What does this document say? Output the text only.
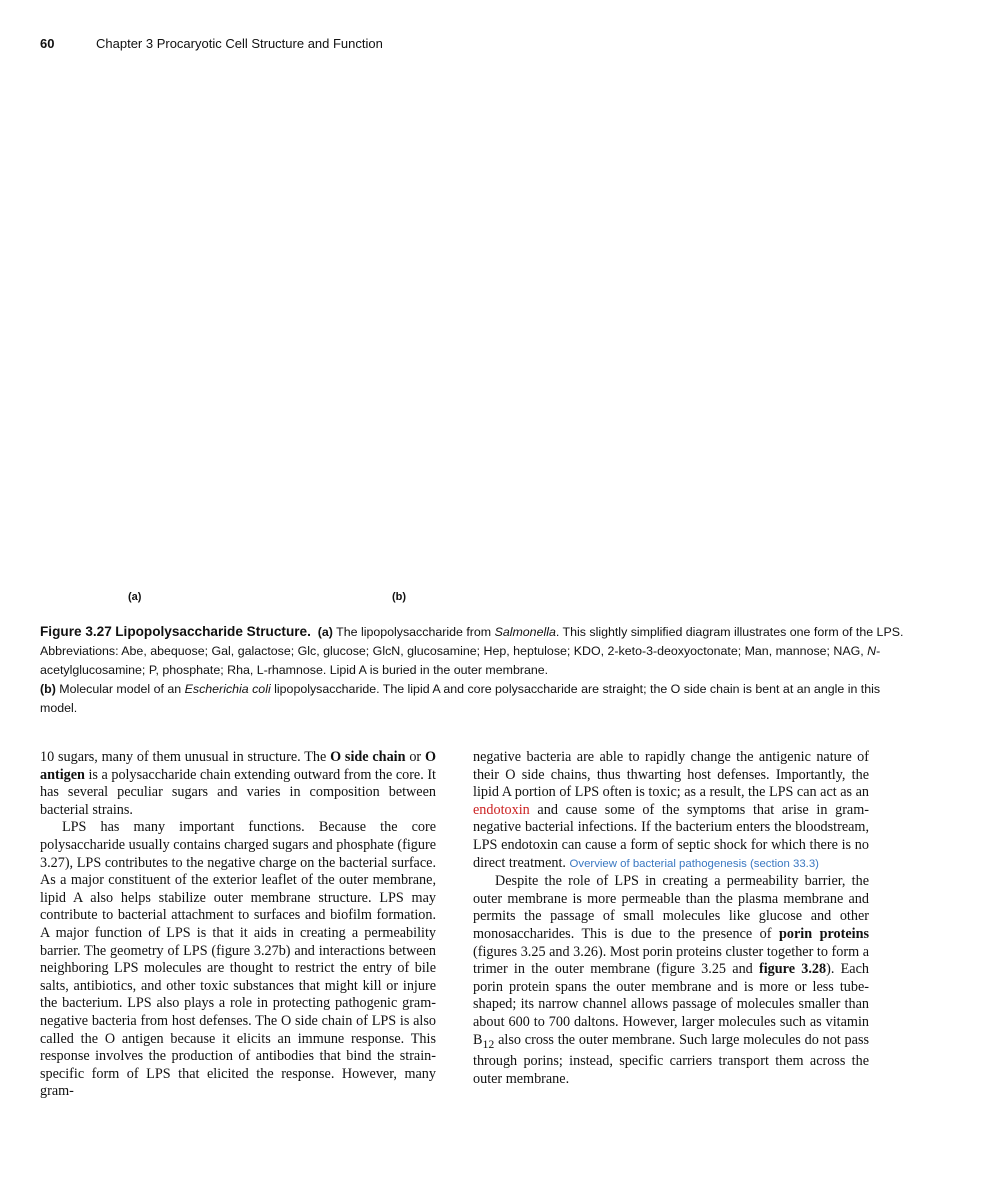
60	Chapter 3 Procaryotic Cell Structure and Function
(a)	(b)
Figure 3.27 Lipopolysaccharide Structure. (a) The lipopolysaccharide from Salmonella. This slightly simplified diagram illustrates one form of the LPS. Abbreviations: Abe, abequose; Gal, galactose; Glc, glucose; GlcN, glucosamine; Hep, heptulose; KDO, 2-keto-3-deoxyoctonate; Man, mannose; NAG, N-acetylglucosamine; P, phosphate; Rha, L-rhamnose. Lipid A is buried in the outer membrane.
(b) Molecular model of an Escherichia coli lipopolysaccharide. The lipid A and core polysaccharide are straight; the O side chain is bent at an angle in this model.

10 sugars, many of them unusual in structure. The O side chain or O antigen is a polysaccharide chain extending outward from the core. It has several peculiar sugars and varies in composition between bacterial strains.

LPS has many important functions. Because the core polysaccharide usually contains charged sugars and phosphate (figure 3.27), LPS contributes to the negative charge on the bacterial surface. As a major constituent of the exterior leaflet of the outer membrane, lipid A also helps stabilize outer membrane structure. LPS may contribute to bacterial attachment to surfaces and biofilm formation. A major function of LPS is that it aids in creating a permeability barrier. The geometry of LPS (figure 3.27b) and interactions between neighboring LPS molecules are thought to restrict the entry of bile salts, antibiotics, and other toxic substances that might kill or injure the bacterium. LPS also plays a role in protecting pathogenic gram-negative bacteria from host defenses. The O side chain of LPS is also called the O antigen because it elicits an immune response. This response involves the production of antibodies that bind the strain-specific form of LPS that elicited the response. However, many gram-

negative bacteria are able to rapidly change the antigenic nature of their O side chains, thus thwarting host defenses. Importantly, the lipid A portion of LPS often is toxic; as a result, the LPS can act as an endotoxin and cause some of the symptoms that arise in gram-negative bacterial infections. If the bacterium enters the bloodstream, LPS endotoxin can cause a form of septic shock for which there is no direct treatment. Overview of bacterial pathogenesis (section 33.3)

Despite the role of LPS in creating a permeability barrier, the outer membrane is more permeable than the plasma membrane and permits the passage of small molecules like glucose and other monosaccharides. This is due to the presence of porin proteins (figures 3.25 and 3.26). Most porin proteins cluster together to form a trimer in the outer membrane (figure 3.25 and figure 3.28). Each porin protein spans the outer membrane and is more or less tube-shaped; its narrow channel allows passage of molecules smaller than about 600 to 700 daltons. However, larger molecules such as vitamin $B_{12}$ also cross the outer membrane. Such large molecules do not pass through porins; instead, specific carriers transport them across the outer membrane.
